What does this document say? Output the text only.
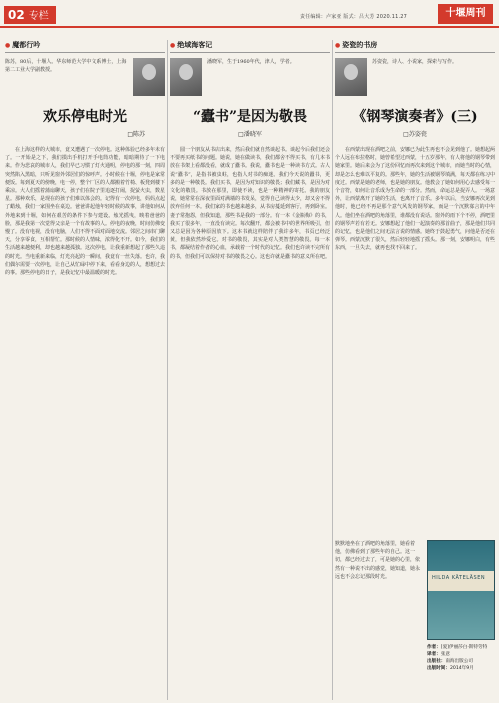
02 专栏	责任编辑：卢家亚 版式：吕大芳 2020.11.27	十堰周刊
● 魔都行吟
陈苏，80后，十堰人。华东师范大学中文系博士，上海第二工业大学副教授。
欢乐停电时光
□陈苏
在上海这样的大城市，竟又遭遇了一次停电。这种体验已经多年未有了。一开始是之下，我们摸出手机打开手电筒功能，暗暗期待了一下电来。作为悲哀的城市人，我们早已习惯了灯火通明，停电的那一刻，四周突然陷入黑暗，只听见窗外邻居们的惊呼声。小时候在十堰，停电是家常便饭。每到夏天的傍晚，电一停，整个厂区的人都搬着竹椅、板凳到楼下乘凉。大人们摇着蒲扇聊天，孩子们在院子里追逐打闹，捉萤火虫，数星星。那种欢乐，是现在的孩子们难以体会的。记得有一次停电，妈妈点起了蜡烛，我们一家围坐在桌边。爸爸讲起他年轻时候的故事，讲他如何从外地来到十堰，如何在艰苦的条件下参与建设。烛光摇曳，映着爸爸的脸，那是我第一次觉得父亲是一个有故事的人。停电的夜晚，时间仿佛变慢了。没有电视，没有电脑，人们不得不面对面地交流。邻居之间串门聊天，分享零食，互相帮忙。那时候的人情味，浓得化不开。如今，我们的生活越来越便利，却也越来越孤独。这次停电，让我重新想起了那些久违的时光。当电重新来临，灯光亮起的一瞬间，我竟有一丝失落。也许，我们偶尔需要一次停电，让自己从忙碌中停下来，看看身边的人，想想过去的事。那些停电的日子，是我记忆中最温暖的时光。
● 绝域海客记
潘晓军，生于1960年代，津人，学者。
“蠹书”是因为敬畏
□潘晓军
圆一个朋友从书店出来，然后我们就自然谈起书。谈起今后我们还会不要再买纸书的问题。她说，她在做读书，我们都舍不得买书，有几本书放在书架上看都没看，就成了蠹书。我说，蠹书也是一种读书方式。古人说“蠹书”，是指书被虫蛀，也指人对书的痴迷。我们今天说的蠹书，更多的是一种敬畏。我们买书，是因为对知识的敬畏；我们藏书，是因为对文化的敬畏。书放在那里，即使不读，也是一种精神的寄托。我的朋友说，她常常在深夜里面对满墙的书发呆，觉得自己读得太少，却又舍不得放弃任何一本。我们家的书也越来越多，从书房蔓延到客厅，再到卧室。妻子常抱怨，但我知道，那些书是我的一部分。有一本《金瓶梅》的书，我买了很多年，一直没有读完。每次翻开，都会被书中的世界所吸引，但又总是因为各种原因放下。这本书就这样陪伴了我许多年，书页已经泛黄，但我依然珍爱它。对书的敬畏，其实是对人类智慧的敬畏。每一本书，都凝结着作者的心血，承载着一个时代的记忆。我们也许读不完所有的书，但我们可以保持对书的敬畏之心。这也许就是蠹书的意义所在吧。
● 姿瓷的书房
苏姿瓷，诗人、小说家，探索与写作。
《钢琴演奏者》(三)
□苏姿瓷
在西蒙出现在酒吧之前，安娜已为此生再也不会见到他了。她想起两个人远在布拉格时，她曾希望过西蒙，十五岁那年，有人将他的钢琴带到她家里。她后来会为了这份回忆而再次来到这个城市，而她当时的心情，却是怎么也难以平复的。那些年，她的生活被钢琴填满，每天都在练习中度过。西蒙是她的老师，也是她的朋友。他教会了她如何用心去感受每一个音符，如何让音乐成为生命的一部分。然而，命运总是捉弄人。一场意外，让西蒙离开了她的生活，也离开了音乐。多年以后，当安娜再次见到他时，他已经不再是那个意气风发的钢琴家，而是一个沉默寡言的中年人。他们坐在酒吧的角落里，谁都没有说话。窗外的雨下个不停，酒吧里的钢琴声若有若无。安娜想起了他们一起演奏的那首曲子，那是他们共同的记忆，也是他们之间无法言说的情感。她终于鼓起勇气，问他是否还在弹琴。西蒙沉默了很久，然后轻轻地摇了摇头。那一刻，安娜明白，有些东西，一旦失去，就再也找不回来了。
默默地坐在了酒吧的角落里，她看着他，仿佛看到了那些年的自己。这一切，都已经过去了，可是她的心里，依然有一种说不出的感觉，她知道，她永远也不会忘记那段时光。	HILDA KÄTELÄSEN
作者：[爱]伊丽莎白·斯特劳特
译者：张意
出版社：南海出版公司
出版时间：2014年9月
